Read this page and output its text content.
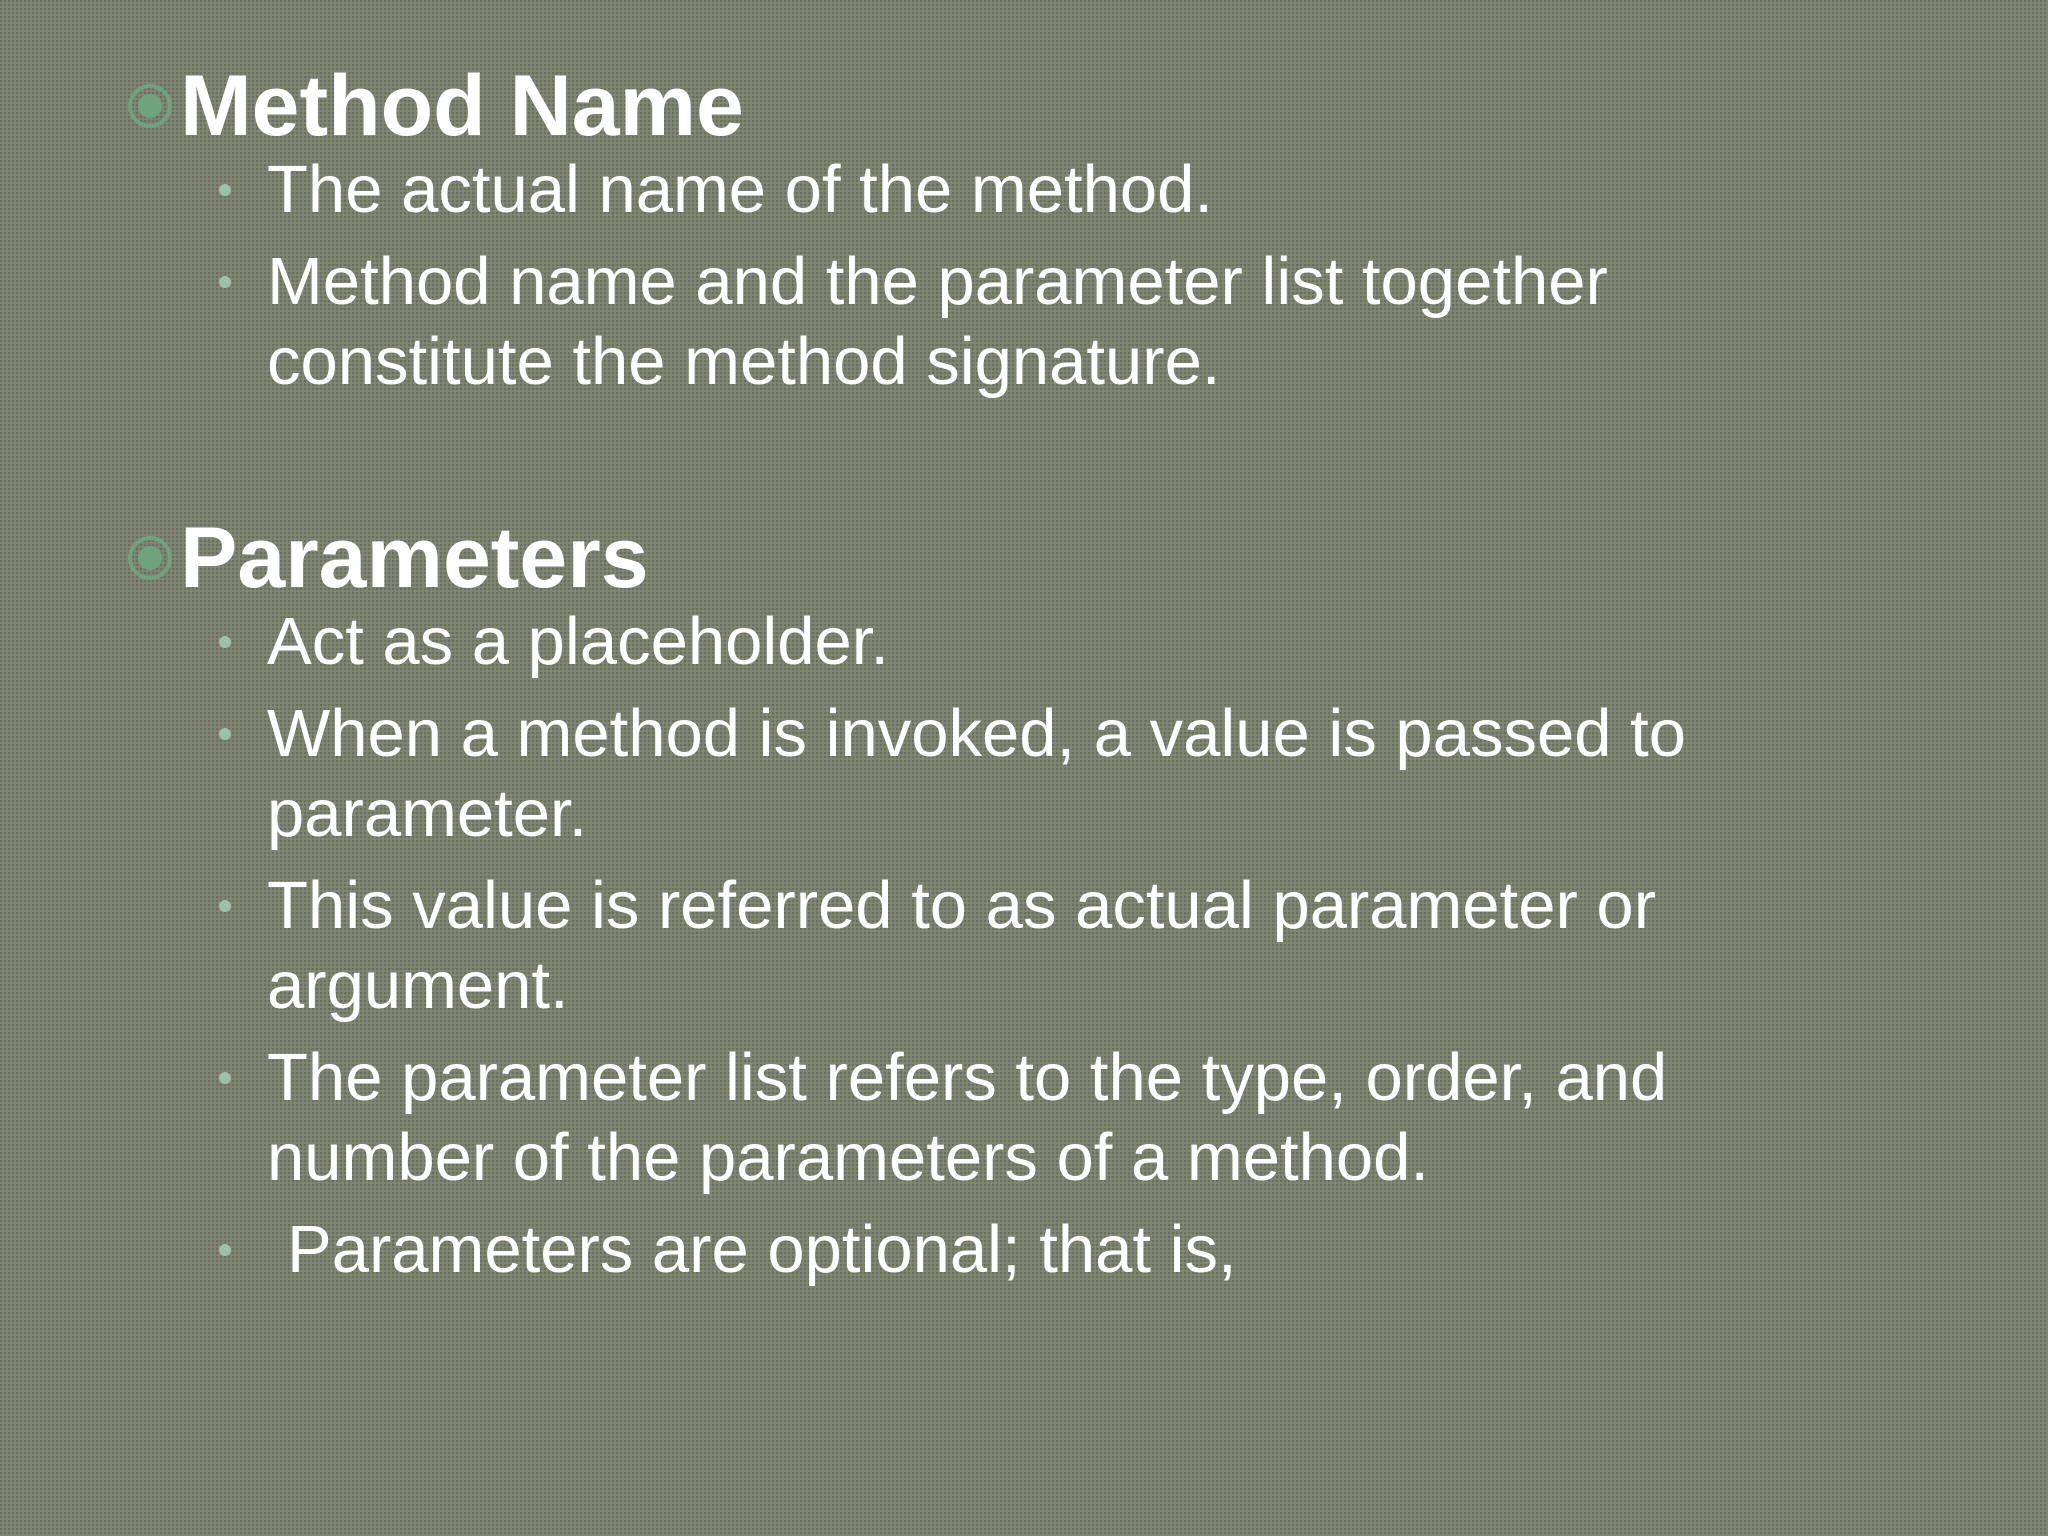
Method Name
The actual name of the method.
Method name and the parameter list together constitute the method signature.
Parameters
Act as a placeholder.
When a method is invoked, a value is passed to parameter.
This value is referred to as actual parameter or argument.
The parameter list refers to the type, order, and number of the parameters of a method.
Parameters are optional; that is,
